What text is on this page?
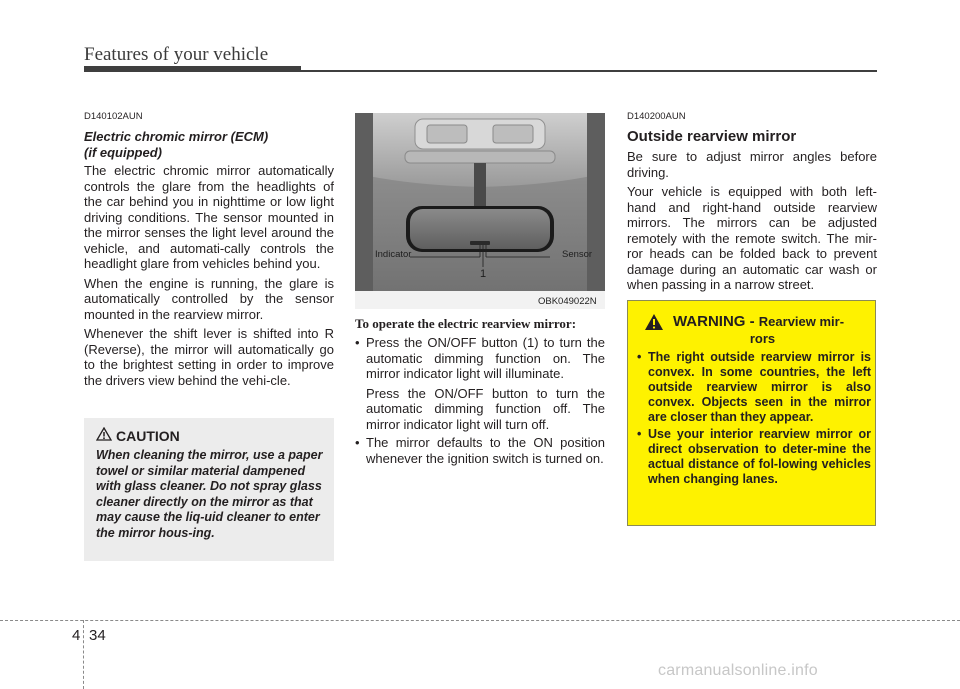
Features of your vehicle
D140102AUN
Electric chromic mirror (ECM)
(if equipped)

The electric chromic mirror automatically controls the glare from the headlights of the car behind you in nighttime or low light driving conditions. The sensor mounted in the mirror senses the light level around the vehicle, and automati-cally controls the headlight glare from vehicles behind you.

When the engine is running, the glare is automatically controlled by the sensor mounted in the rearview mirror.

Whenever the shift lever is shifted into R (Reverse), the mirror will automatically go to the brightest setting in order to improve the drivers view behind the vehi-cle.

CAUTION
When cleaning the mirror, use a paper towel or similar material dampened with glass cleaner. Do not spray glass cleaner directly on the mirror as that may cause the liq-uid cleaner to enter the mirror hous-ing.
Indicator	Sensor
1
OBK049022N
To operate the electric rearview mirror:
• Press the ON/OFF button (1) to turn the automatic dimming function on. The mirror indicator light will illuminate.

Press the ON/OFF button to turn the automatic dimming function off. The mirror indicator light will turn off.

• The mirror defaults to the ON position whenever the ignition switch is turned on.
D140200AUN
Outside rearview mirror

Be sure to adjust mirror angles before driving.

Your vehicle is equipped with both left-hand and right-hand outside rearview mirrors. The mirrors can be adjusted remotely with the remote switch. The mir-ror heads can be folded back to prevent damage during an automatic car wash or when passing in a narrow street.

WARNING - Rearview mir-
rors
• The right outside rearview mirror is convex. In some countries, the left outside rearview mirror is also convex. Objects seen in the mirror are closer than they appear.
• Use your interior rearview mirror or direct observation to deter-mine the actual distance of fol-lowing vehicles when changing lanes.
4 34
carmanualsonline.info
